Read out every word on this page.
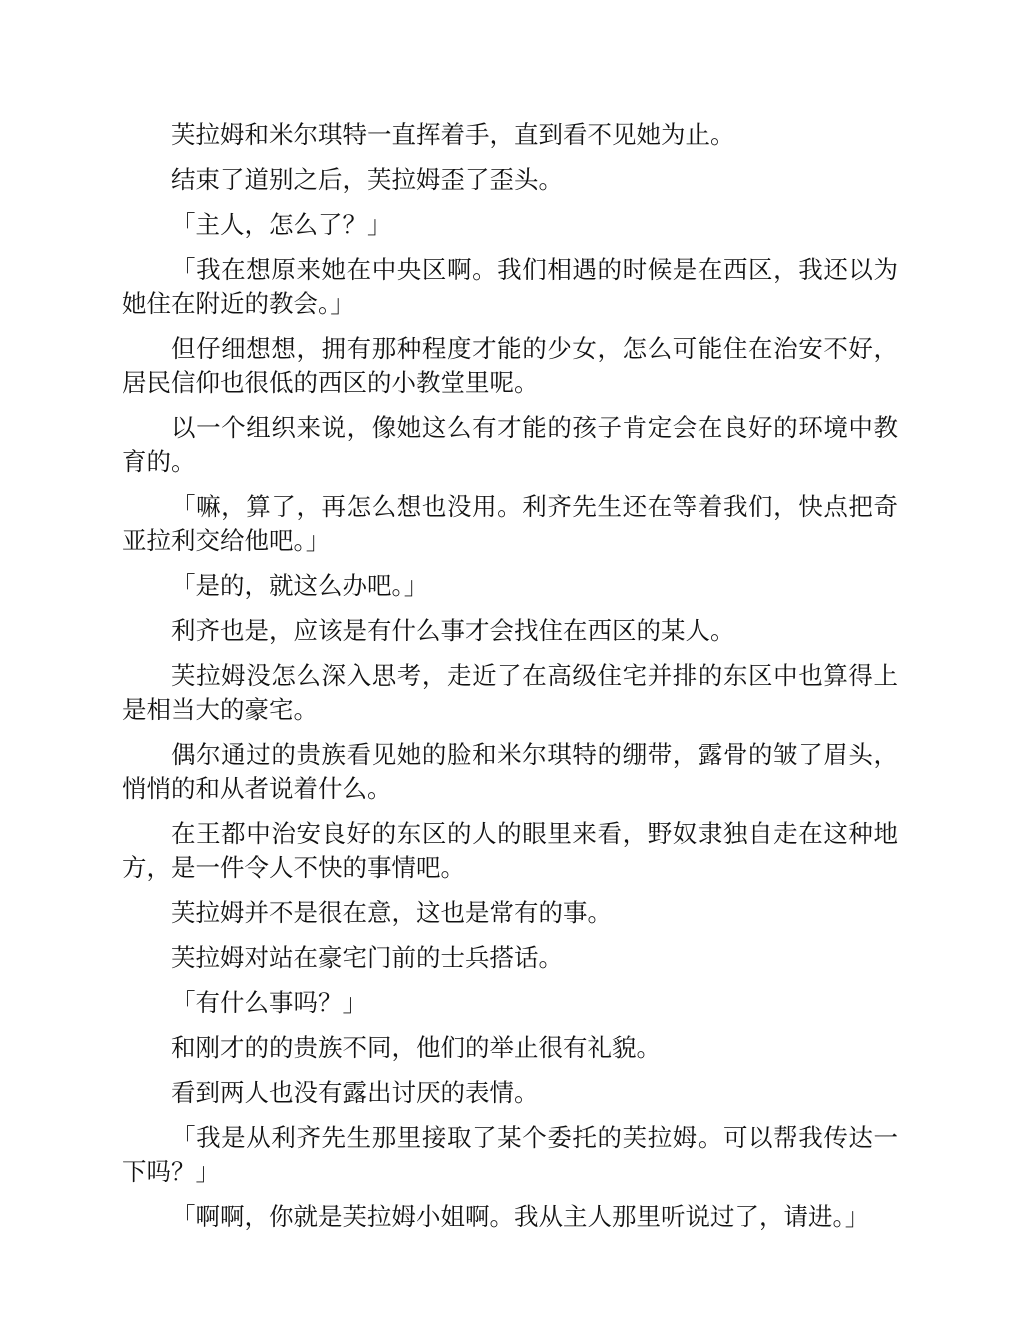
芙拉姆和米尔琪特一直挥着手，直到看不见她为止。

结束了道别之后，芙拉姆歪了歪头。

「主人，怎么了？」

「我在想原来她在中央区啊。我们相遇的时候是在西区，我还以为她住在附近的教会。」

但仔细想想，拥有那种程度才能的少女，怎么可能住在治安不好，居民信仰也很低的西区的小教堂里呢。

以一个组织来说，像她这么有才能的孩子肯定会在良好的环境中教育的。

「嘛，算了，再怎么想也没用。利齐先生还在等着我们，快点把奇亚拉利交给他吧。」

「是的，就这么办吧。」

利齐也是，应该是有什么事才会找住在西区的某人。

芙拉姆没怎么深入思考，走近了在高级住宅并排的东区中也算得上是相当大的豪宅。

偶尔通过的贵族看见她的脸和米尔琪特的绷带，露骨的皱了眉头，悄悄的和从者说着什么。

在王都中治安良好的东区的人的眼里来看，野奴隶独自走在这种地方，是一件令人不快的事情吧。

芙拉姆并不是很在意，这也是常有的事。

芙拉姆对站在豪宅门前的士兵搭话。

「有什么事吗？」

和刚才的的贵族不同，他们的举止很有礼貌。

看到两人也没有露出讨厌的表情。

「我是从利齐先生那里接取了某个委托的芙拉姆。可以帮我传达一下吗？」

「啊啊，你就是芙拉姆小姐啊。我从主人那里听说过了，请进。」
